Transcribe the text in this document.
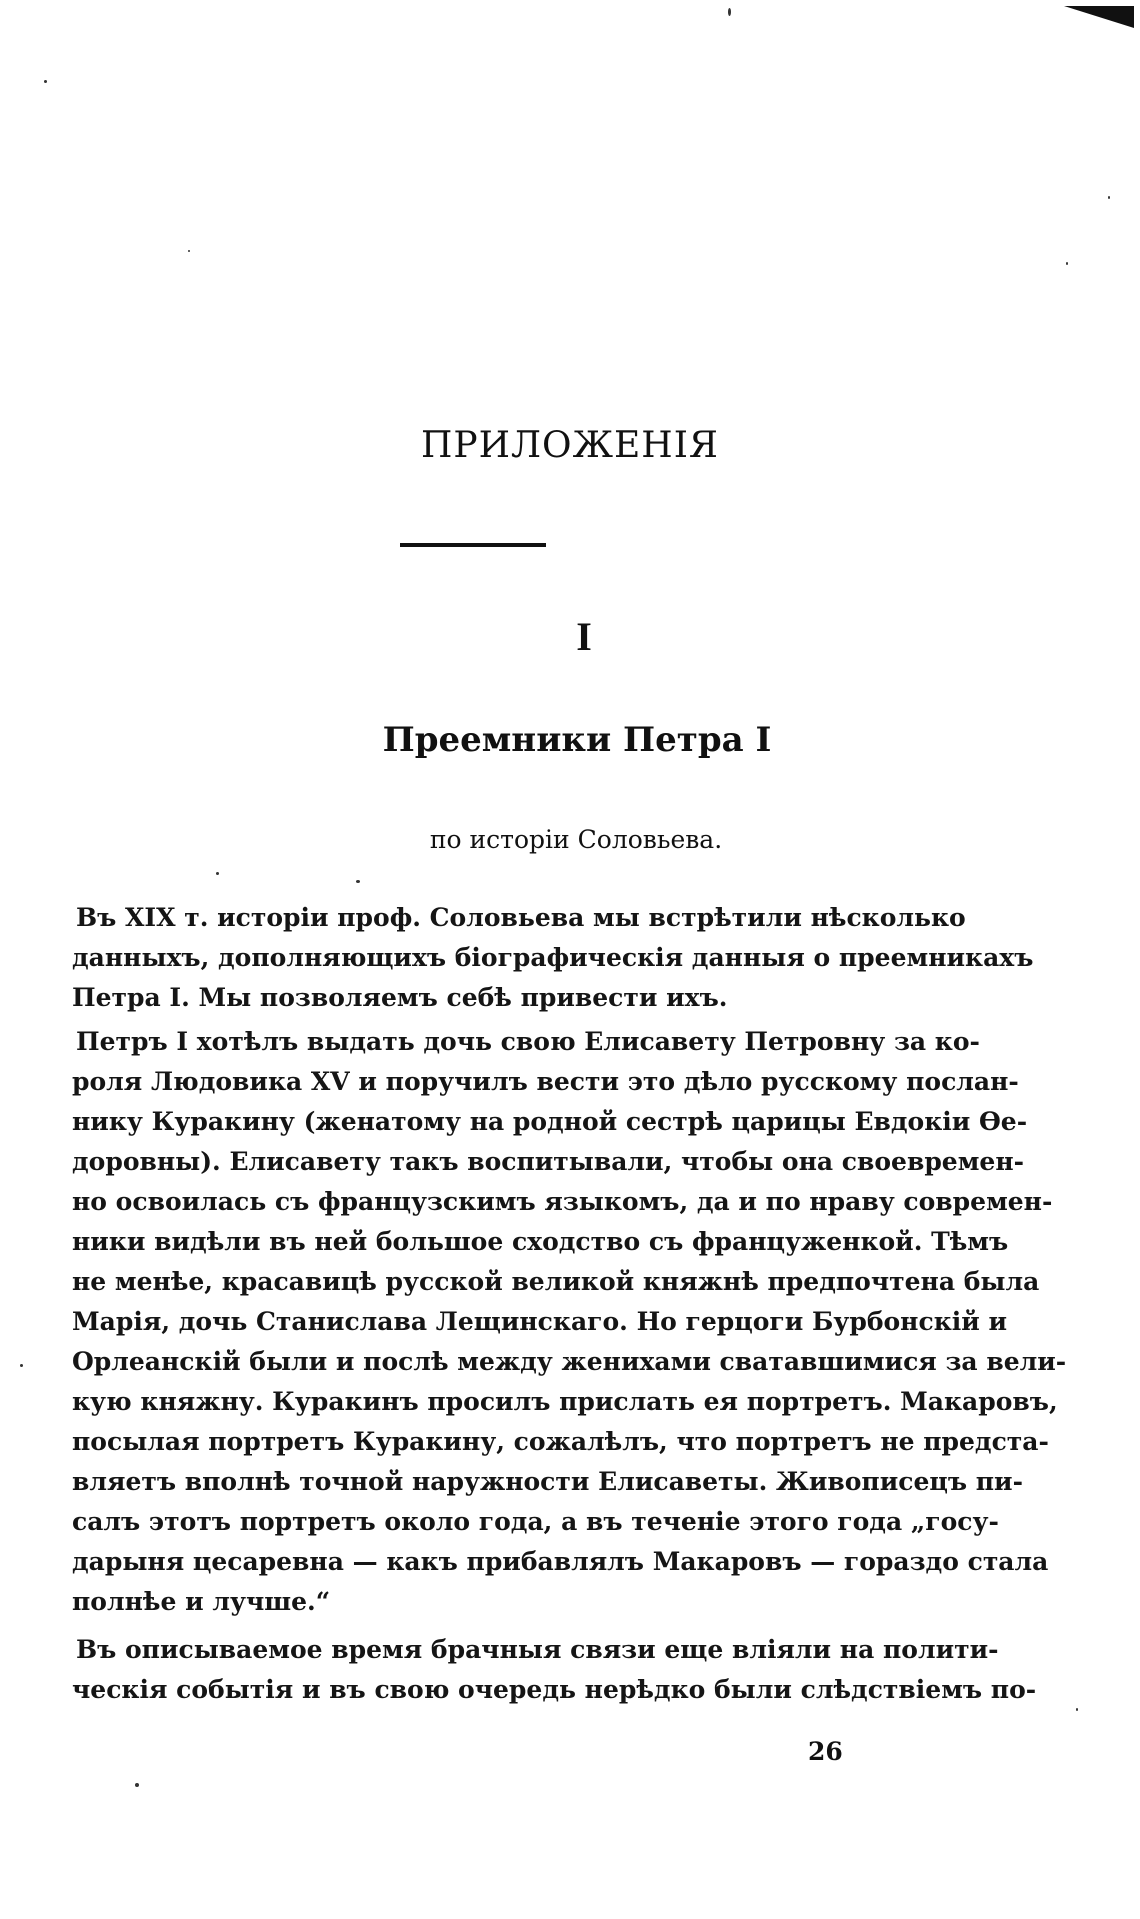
ПРИЛОЖЕНІЯ
I
Преемники Петра I
по исторіи Соловьева.
Въ XIX т. исторіи проф. Соловьева мы встрѣтили нѣсколько
данныхъ, дополняющихъ біографическія данныя о преемникахъ
Петра I. Мы позволяемъ себѣ привести ихъ.
Петръ I хотѣлъ выдать дочь свою Елисавету Петровну за ко-
роля Людовика XV и поручилъ вести это дѣло русскому послан-
нику Куракину (женатому на родной сестрѣ царицы Евдокіи Ѳе-
доровны). Елисавету такъ воспитывали, чтобы она своевремен-
но освоилась съ французскимъ языкомъ, да и по нраву современ-
ники видѣли въ ней большое сходство съ француженкой. Тѣмъ
не менѣе, красавицѣ русской великой княжнѣ предпочтена была
Марія, дочь Станислава Лещинскаго. Но герцоги Бурбонскій и
Орлеанскій были и послѣ между женихами сватавшимися за вели-
кую княжну. Куракинъ просилъ прислать ея портретъ. Макаровъ,
посылая портретъ Куракину, сожалѣлъ, что портретъ не предста-
вляетъ вполнѣ точной наружности Елисаветы. Живописецъ пи-
салъ этотъ портретъ около года, а въ теченіе этого года „госу-
дарыня цесаревна — какъ прибавлялъ Макаровъ — гораздо стала
полнѣе и лучше.“
Въ описываемое время брачныя связи еще вліяли на полити-
ческія событія и въ свою очередь нерѣдко были слѣдствіемъ по-
26
